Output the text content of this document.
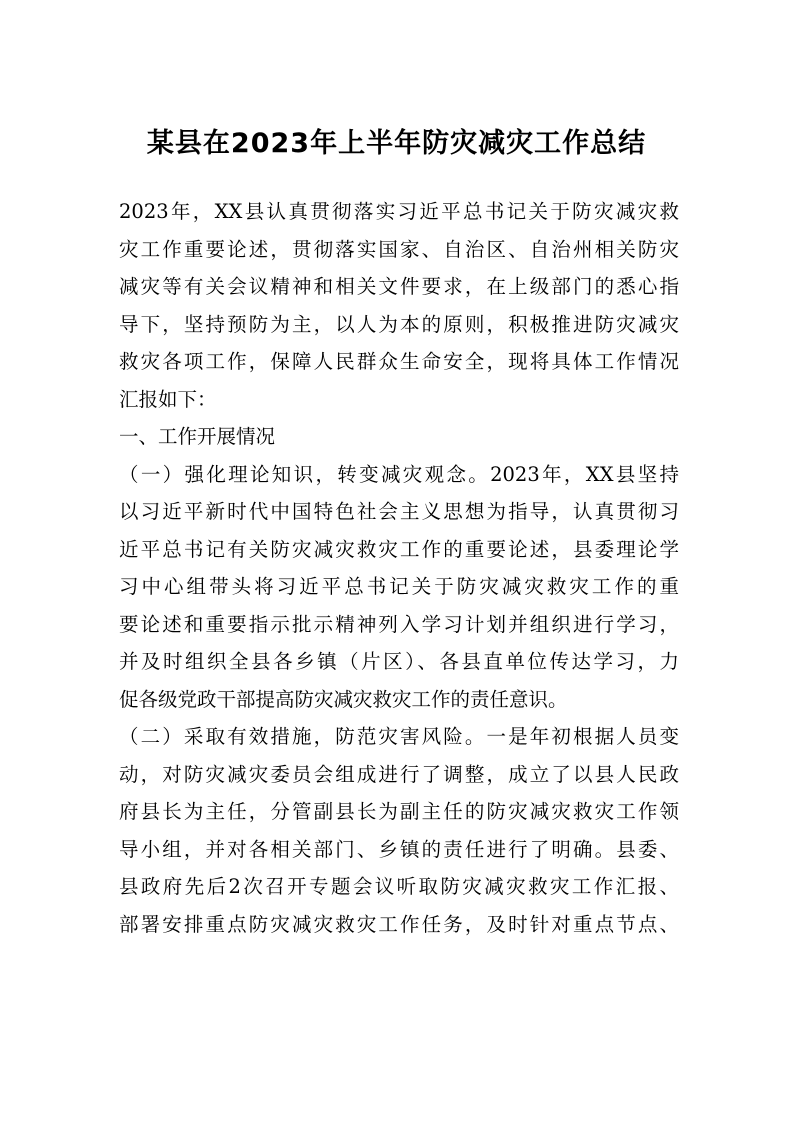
某县在2023年上半年防灾减灾工作总结
2023年，XX县认真贯彻落实习近平总书记关于防灾减灾救
灾工作重要论述，贯彻落实国家、自治区、自治州相关防灾
减灾等有关会议精神和相关文件要求，在上级部门的悉心指
导下，坚持预防为主，以人为本的原则，积极推进防灾减灾
救灾各项工作，保障人民群众生命安全，现将具体工作情况
汇报如下：
一、工作开展情况
（一）强化理论知识，转变减灾观念。2023年，XX县坚持
以习近平新时代中国特色社会主义思想为指导，认真贯彻习
近平总书记有关防灾减灾救灾工作的重要论述，县委理论学
习中心组带头将习近平总书记关于防灾减灾救灾工作的重
要论述和重要指示批示精神列入学习计划并组织进行学习，
并及时组织全县各乡镇（片区）、各县直单位传达学习，力
促各级党政干部提高防灾减灾救灾工作的责任意识。
（二）采取有效措施，防范灾害风险。一是年初根据人员变
动，对防灾减灾委员会组成进行了调整，成立了以县人民政
府县长为主任，分管副县长为副主任的防灾减灾救灾工作领
导小组，并对各相关部门、乡镇的责任进行了明确。县委、
县政府先后2次召开专题会议听取防灾减灾救灾工作汇报、
部署安排重点防灾减灾救灾工作任务，及时针对重点节点、
